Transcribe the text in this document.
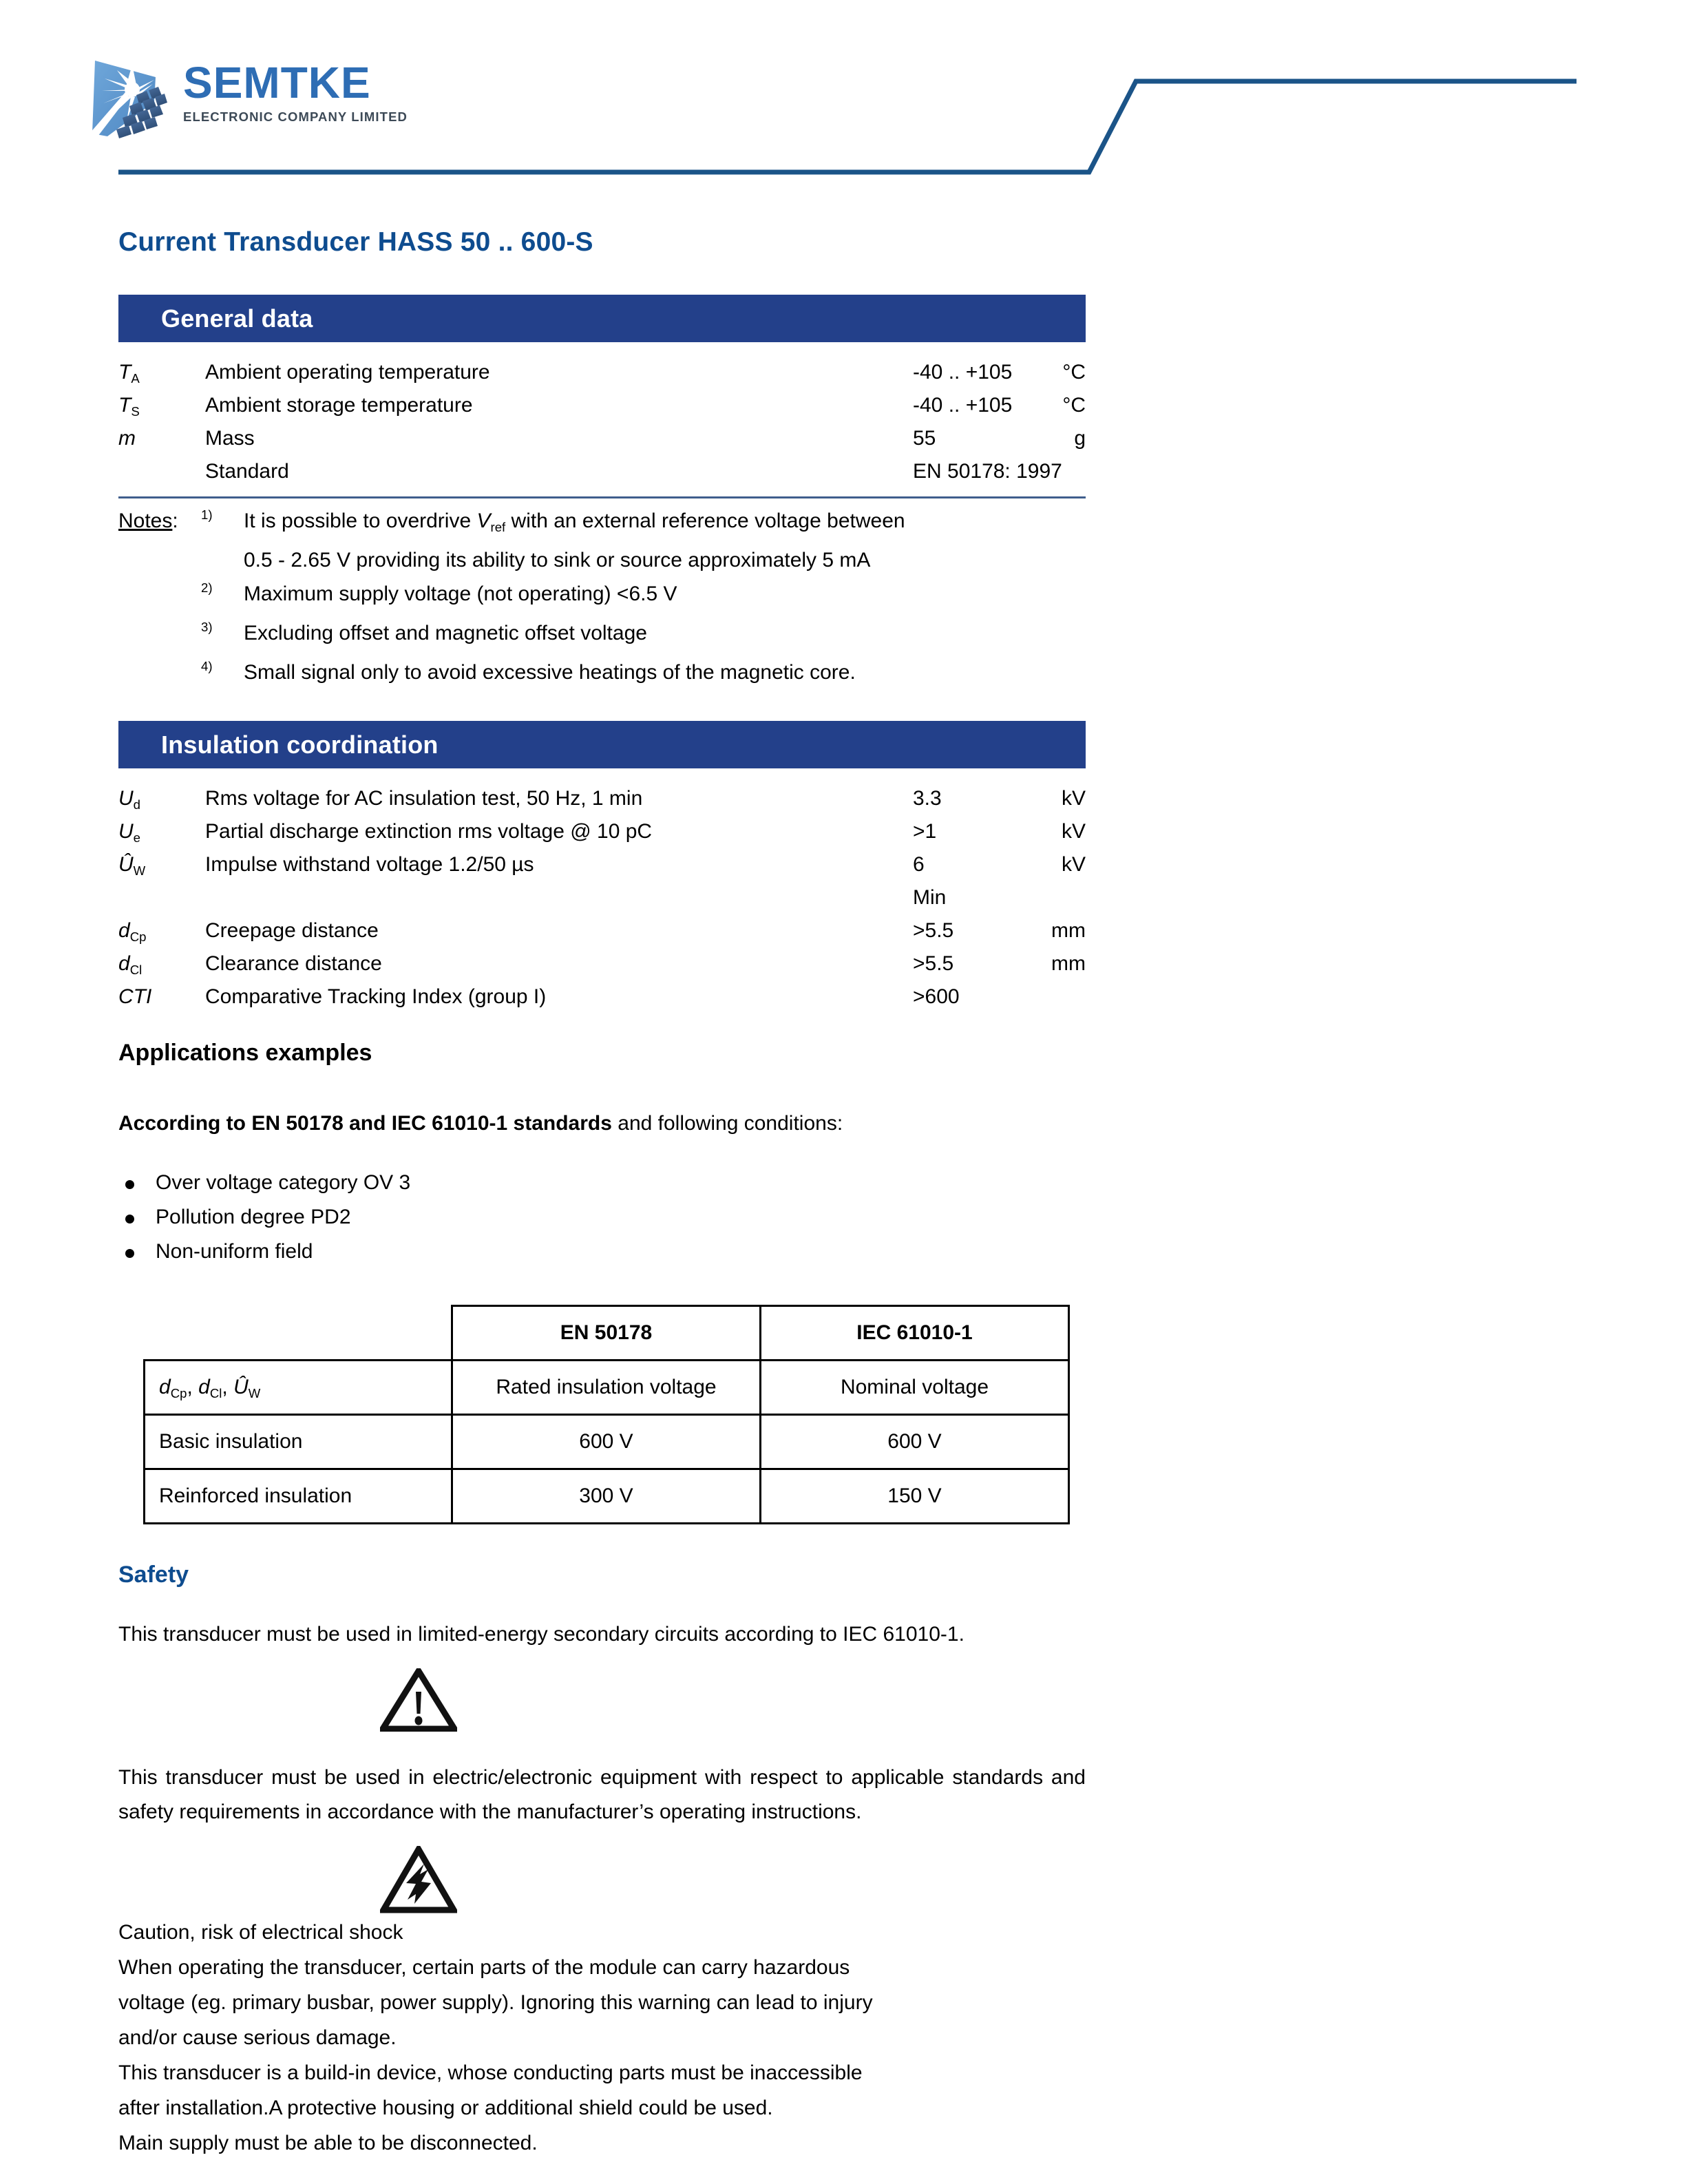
SEMTKE
ELECTRONIC COMPANY LIMITED
Current Transducer HASS 50 .. 600-S
General data
$T_A$	Ambient operating temperature	-40 .. +105	°C
$T_S$	Ambient storage temperature	-40 .. +105	°C
m	Mass	55	g
	Standard	EN 50178: 1997	
Notes:	$^{1)}$	It is possible to overdrive $V_{ref}$ with an external reference voltage between
0.5 - 2.65 V providing its ability to sink or source approximately 5 mA
$^{2)}$	Maximum supply voltage (not operating) <6.5 V
$^{3)}$	Excluding offset and magnetic offset voltage
$^{4)}$	Small signal only to avoid excessive heatings of the magnetic core.
Insulation coordination
$U_d$	Rms voltage for AC insulation test, 50 Hz, 1 min	3.3	kV
$U_e$	Partial discharge extinction rms voltage @ 10 pC	>1	kV
$Û_W$	Impulse withstand voltage 1.2/50 µs	6	kV
		Min	
$d_{Cp}$	Creepage distance	>5.5	mm
$d_{Cl}$	Clearance distance	>5.5	mm
CTI	Comparative Tracking Index (group I)	>600	
Applications examples
According to EN 50178 and IEC 61010-1 standards and following conditions:
Over voltage category OV 3
Pollution degree PD2
Non-uniform field
	EN 50178	IEC 61010-1
$d_{Cp}$, $d_{Cl}$, $Û_W$	Rated insulation voltage	Nominal voltage
Basic insulation	600 V	600 V
Reinforced insulation	300 V	150 V
Safety

This transducer must be used in limited-energy secondary circuits according to IEC 61010-1.

This transducer must be used in electric/electronic equipment with respect to applicable standards and safety requirements in accordance with the manufacturer’s operating instructions.

Caution, risk of electrical shock
When operating the transducer, certain parts of the module can carry hazardous
voltage (eg. primary busbar, power supply). Ignoring this warning can lead to injury
and/or cause serious damage.
This transducer is a build-in device, whose conducting parts must be inaccessible
after installation.A protective housing or additional shield could be used.
Main supply must be able to be disconnected.
